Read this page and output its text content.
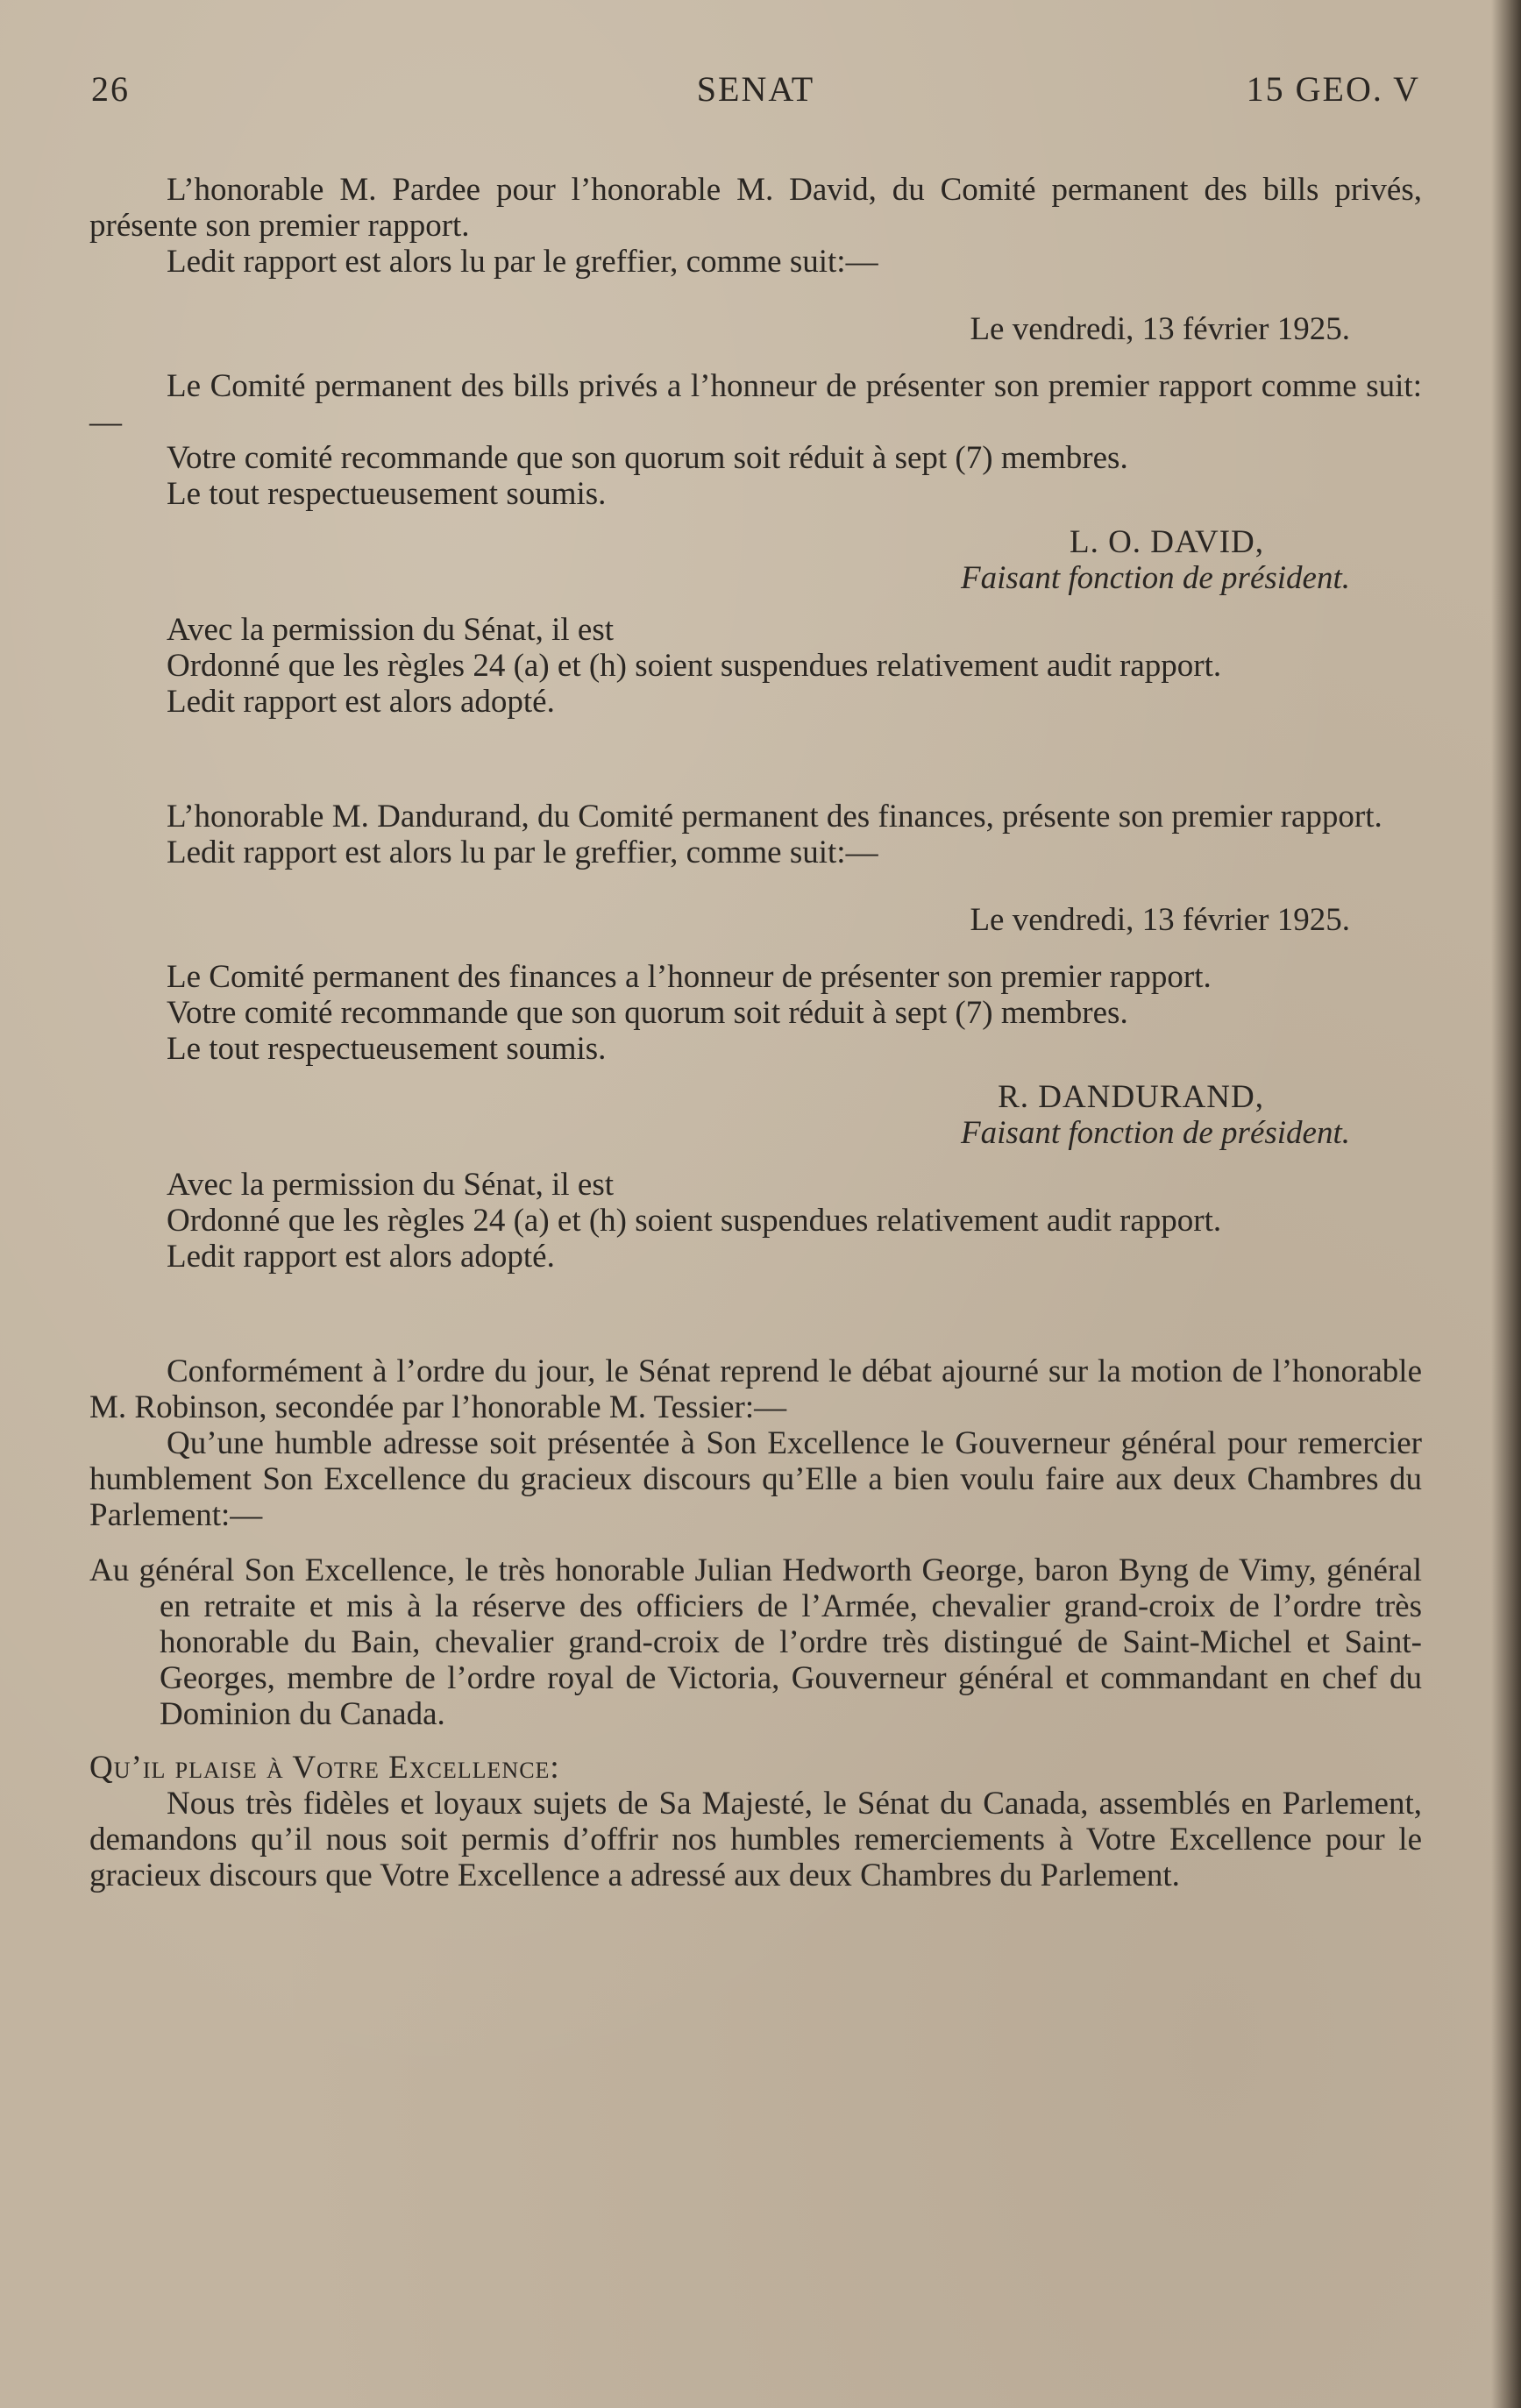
26	SENAT	15 GEO. V

L’honorable M. Pardee pour l’honorable M. David, du Comité permanent des bills privés, présente son premier rapport.

Ledit rapport est alors lu par le greffier, comme suit:—

Le vendredi, 13 février 1925.

Le Comité permanent des bills privés a l’honneur de présenter son premier rapport comme suit:—

Votre comité recommande que son quorum soit réduit à sept (7) membres.

Le tout respectueusement soumis.

L. O. DAVID,

Faisant fonction de président.

Avec la permission du Sénat, il est

Ordonné que les règles 24 (a) et (h) soient suspendues relativement audit rapport.

Ledit rapport est alors adopté.

L’honorable M. Dandurand, du Comité permanent des finances, présente son premier rapport.

Ledit rapport est alors lu par le greffier, comme suit:—

Le vendredi, 13 février 1925.

Le Comité permanent des finances a l’honneur de présenter son premier rapport.

Votre comité recommande que son quorum soit réduit à sept (7) membres.

Le tout respectueusement soumis.

R. DANDURAND,

Faisant fonction de président.

Avec la permission du Sénat, il est

Ordonné que les règles 24 (a) et (h) soient suspendues relativement audit rapport.

Ledit rapport est alors adopté.

Conformément à l’ordre du jour, le Sénat reprend le débat ajourné sur la motion de l’honorable M. Robinson, secondée par l’honorable M. Tessier:—

Qu’une humble adresse soit présentée à Son Excellence le Gouverneur général pour remercier humblement Son Excellence du gracieux discours qu’Elle a bien voulu faire aux deux Chambres du Parlement:—

Au général Son Excellence, le très honorable Julian Hedworth George, baron Byng de Vimy, général en retraite et mis à la réserve des officiers de l’Armée, chevalier grand-croix de l’ordre très honorable du Bain, chevalier grand-croix de l’ordre très distingué de Saint-Michel et Saint-Georges, membre de l’ordre royal de Victoria, Gouverneur général et commandant en chef du Dominion du Canada.

Qu’il plaise à Votre Excellence:

Nous très fidèles et loyaux sujets de Sa Majesté, le Sénat du Canada, assemblés en Parlement, demandons qu’il nous soit permis d’offrir nos humbles remerciements à Votre Excellence pour le gracieux discours que Votre Excellence a adressé aux deux Chambres du Parlement.
